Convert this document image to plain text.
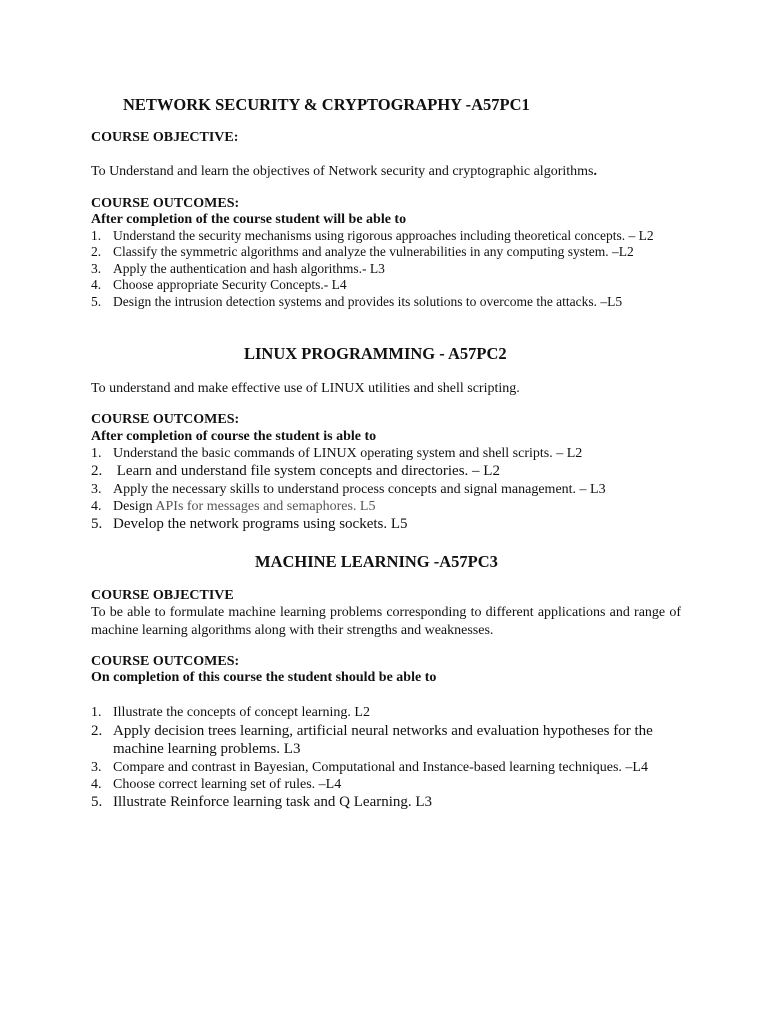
NETWORK SECURITY & CRYPTOGRAPHY -A57PC1

COURSE OBJECTIVE:

To Understand and learn the objectives of Network security and cryptographic algorithms.

COURSE OUTCOMES:

After completion of the course student will be able to

1. Understand the security mechanisms using rigorous approaches including theoretical concepts. – L2
2. Classify the symmetric algorithms and analyze the vulnerabilities in any computing system. –L2
3. Apply the authentication and hash algorithms.- L3
4. Choose appropriate Security Concepts.- L4
5. Design the intrusion detection systems and provides its solutions to overcome the attacks. –L5
LINUX PROGRAMMING - A57PC2

To understand and make effective use of LINUX utilities and shell scripting.

COURSE OUTCOMES:

After completion of course the student is able to

1. Understand the basic commands of LINUX operating system and shell scripts. – L2
2. Learn and understand file system concepts and directories. – L2
3. Apply the necessary skills to understand process concepts and signal management. – L3
4. Design APIs for messages and semaphores. L5
5. Develop the network programs using sockets. L5
MACHINE LEARNING -A57PC3

COURSE OBJECTIVE

To be able to formulate machine learning problems corresponding to different applications and range of machine learning algorithms along with their strengths and weaknesses.

COURSE OUTCOMES:

On completion of this course the student should be able to

1. Illustrate the concepts of concept learning. L2
2. Apply decision trees learning, artificial neural networks and evaluation hypotheses for the machine learning problems. L3
3. Compare and contrast in Bayesian, Computational and Instance-based learning techniques. –L4
4. Choose correct learning set of rules. –L4
5. Illustrate Reinforce learning task and Q Learning. L3
